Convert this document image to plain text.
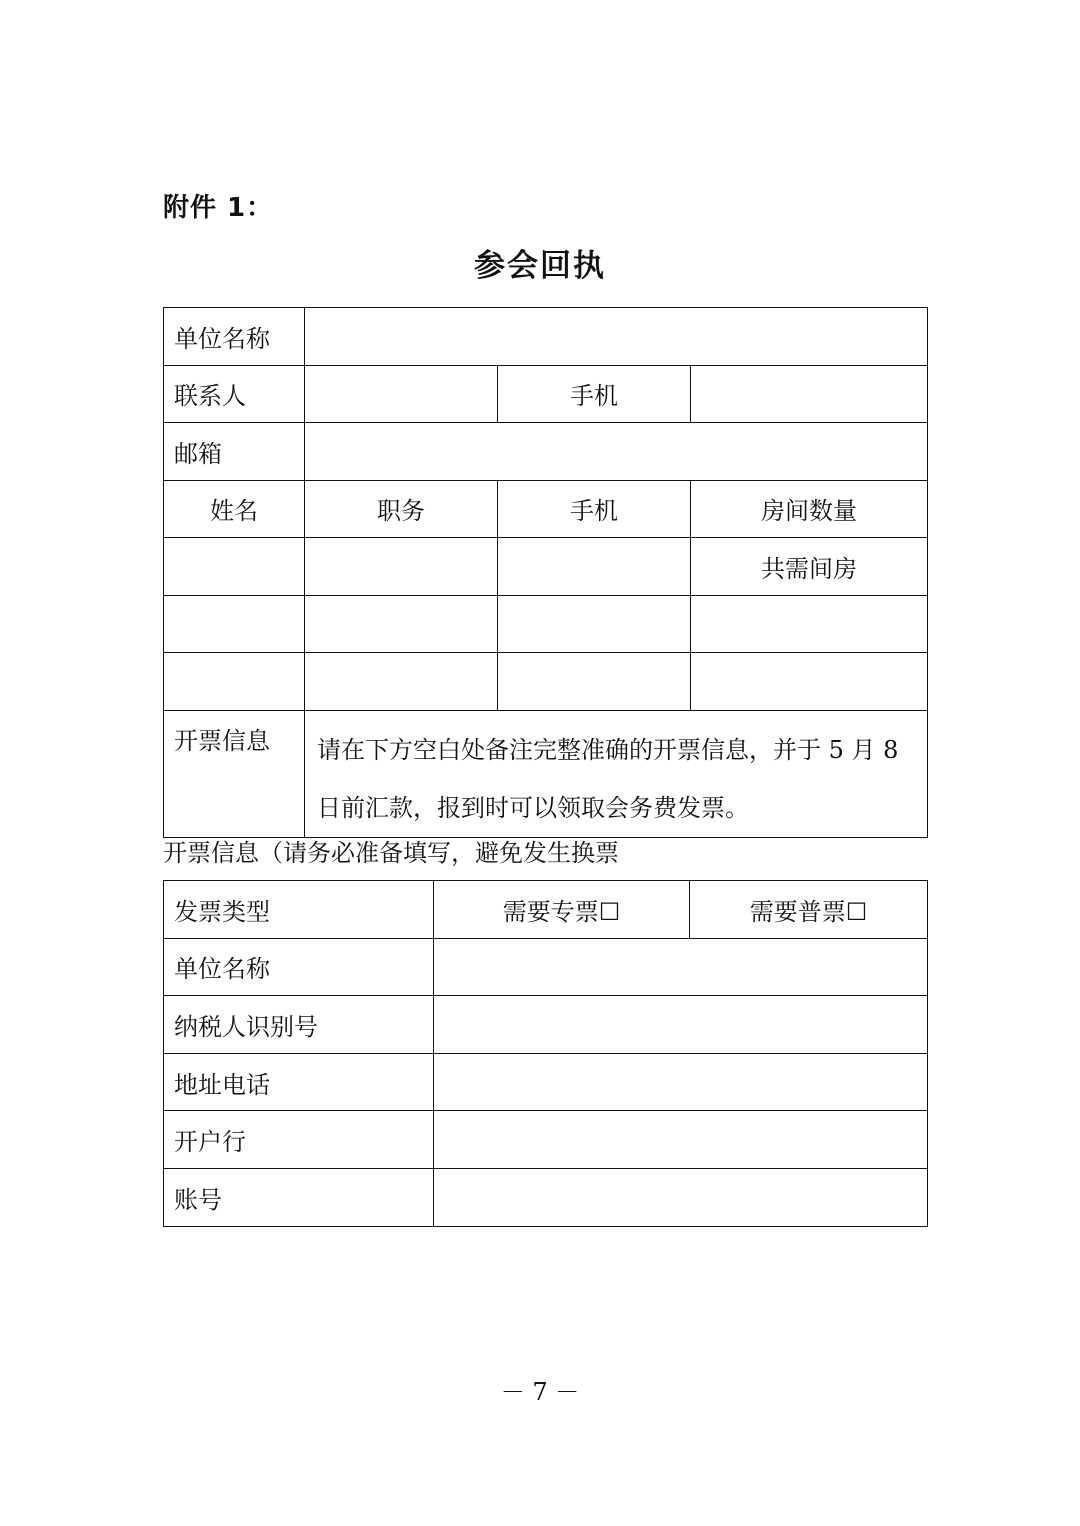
附件 1：
参会回执
单位名称			
联系人		手机	
邮箱			
姓名	职务	手机	房间数量
			共需间房

开票信息	请在下方空白处备注完整准确的开票信息，并于 5 月 8 日前汇款，报到时可以领取会务费发票。		
开票信息（请务必准备填写，避免发生换票
发票类型	需要专票☐	需要普票☐
单位名称		
纳税人识别号		
地址电话		
开户行		
账号		
－ 7 －
